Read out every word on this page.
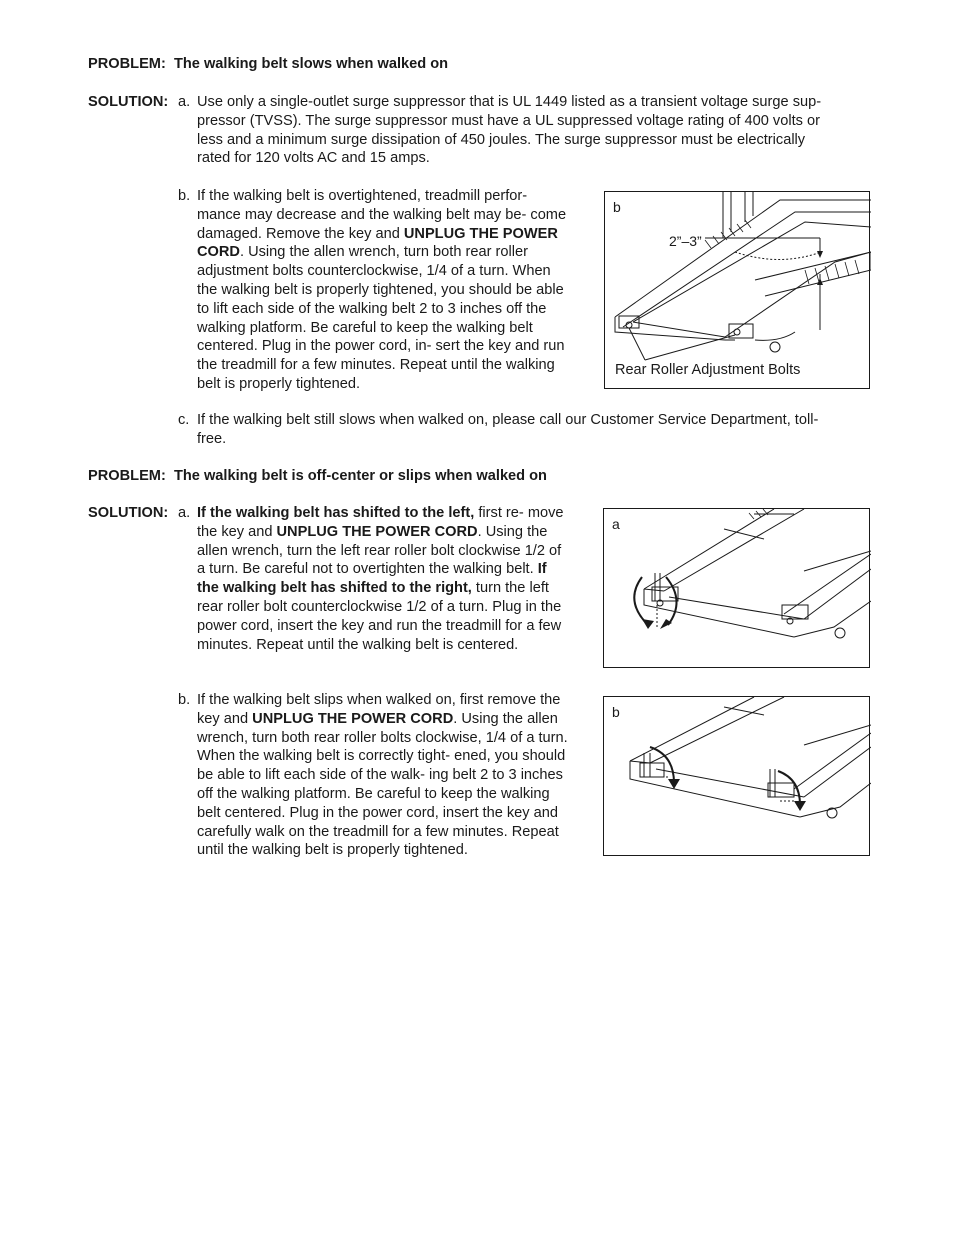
PROBLEM: The walking belt slows when walked on
SOLUTION: a. Use only a single-outlet surge suppressor that is UL 1449 listed as a transient voltage surge sup-
pressor (TVSS). The surge suppressor must have a UL suppressed voltage rating of 400 volts or
less and a minimum surge dissipation of 450 joules. The surge suppressor must be electrically
rated for 120 volts AC and 15 amps.
b. If the walking belt is overtightened, treadmill perfor- mance may decrease and the walking belt may be- come damaged. Remove the key and UNPLUG THE POWER CORD. Using the allen wrench, turn both rear roller adjustment bolts counterclockwise, 1/4 of a turn. When the walking belt is properly tightened, you should be able to lift each side of the walking belt 2 to 3 inches off the walking platform. Be careful to keep the walking belt centered. Plug in the power cord, in- sert the key and run the treadmill for a few minutes. Repeat until the walking belt is properly tightened.
b
2”–3”
Rear Roller Adjustment Bolts
c. If the walking belt still slows when walked on, please call our Customer Service Department, toll-
free.
PROBLEM: The walking belt is off-center or slips when walked on
SOLUTION: a. If the walking belt has shifted to the left, first re- move the key and UNPLUG THE POWER CORD. Using the allen wrench, turn the left rear roller bolt clockwise 1/2 of a turn. Be careful not to overtighten the walking belt. If the walking belt has shifted to the right, turn the left rear roller bolt counterclockwise 1/2 of a turn. Plug in the power cord, insert the key and run the treadmill for a few minutes. Repeat until the walking belt is centered.
a
b. If the walking belt slips when walked on, first remove the key and UNPLUG THE POWER CORD. Using the allen wrench, turn both rear roller bolts clockwise, 1/4 of a turn. When the walking belt is correctly tight- ened, you should be able to lift each side of the walk- ing belt 2 to 3 inches off the walking platform. Be careful to keep the walking belt centered. Plug in the power cord, insert the key and carefully walk on the treadmill for a few minutes. Repeat until the walking belt is properly tightened.
b
